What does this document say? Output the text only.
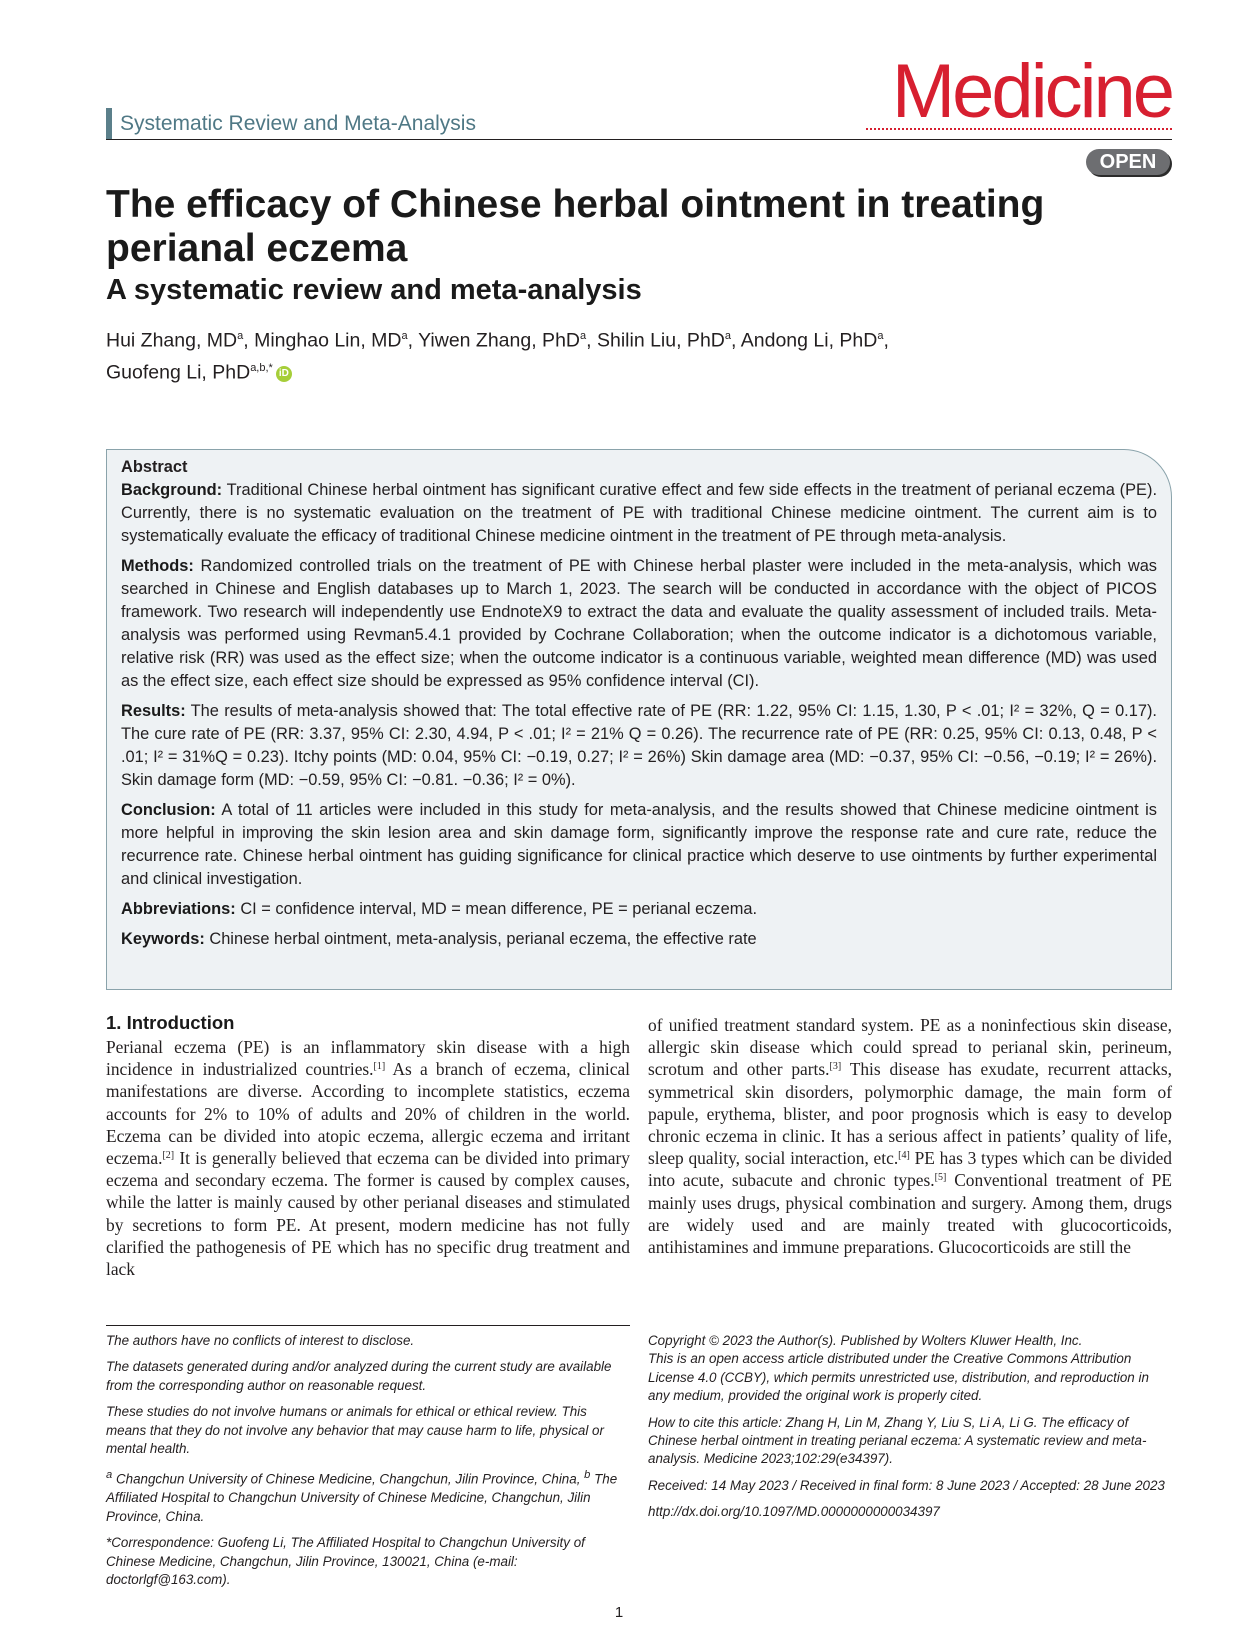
Systematic Review and Meta-Analysis	Medicine
OPEN
The efficacy of Chinese herbal ointment in treating perianal eczema
A systematic review and meta-analysis
Hui Zhang, $MD^a$, Minghao Lin, $MD^a$, Yiwen Zhang, PhD$^a$, Shilin Liu, PhD$^a$, Andong Li, PhD$^a$,
Guofeng Li, PhD$^{a,b,*}$ iD

Abstract

Background: Traditional Chinese herbal ointment has significant curative effect and few side effects in the treatment of perianal eczema (PE). Currently, there is no systematic evaluation on the treatment of PE with traditional Chinese medicine ointment. The current aim is to systematically evaluate the efficacy of traditional Chinese medicine ointment in the treatment of PE through meta-analysis.

Methods: Randomized controlled trials on the treatment of PE with Chinese herbal plaster were included in the meta-analysis, which was searched in Chinese and English databases up to March 1, 2023. The search will be conducted in accordance with the object of PICOS framework. Two research will independently use EndnoteX9 to extract the data and evaluate the quality assessment of included trails. Meta-analysis was performed using Revman5.4.1 provided by Cochrane Collaboration; when the outcome indicator is a dichotomous variable, relative risk (RR) was used as the effect size; when the outcome indicator is a continuous variable, weighted mean difference (MD) was used as the effect size, each effect size should be expressed as 95% confidence interval (CI).

Results: The results of meta-analysis showed that: The total effective rate of PE (RR: 1.22, 95% CI: 1.15, 1.30, P < .01; I² = 32%, Q = 0.17). The cure rate of PE (RR: 3.37, 95% CI: 2.30, 4.94, P < .01; I² = 21% Q = 0.26). The recurrence rate of PE (RR: 0.25, 95% CI: 0.13, 0.48, P < .01; I² = 31%Q = 0.23). Itchy points (MD: 0.04, 95% CI: −0.19, 0.27; I² = 26%) Skin damage area (MD: −0.37, 95% CI: −0.56, −0.19; I² = 26%). Skin damage form (MD: −0.59, 95% CI: −0.81. −0.36; I² = 0%).

Conclusion: A total of 11 articles were included in this study for meta-analysis, and the results showed that Chinese medicine ointment is more helpful in improving the skin lesion area and skin damage form, significantly improve the response rate and cure rate, reduce the recurrence rate. Chinese herbal ointment has guiding significance for clinical practice which deserve to use ointments by further experimental and clinical investigation.

Abbreviations: CI = confidence interval, MD = mean difference, PE = perianal eczema.

Keywords: Chinese herbal ointment, meta-analysis, perianal eczema, the effective rate

1. Introduction
Perianal eczema (PE) is an inflammatory skin disease with a high incidence in industrialized countries.[1] As a branch of eczema, clinical manifestations are diverse. According to incomplete statistics, eczema accounts for 2% to 10% of adults and 20% of children in the world. Eczema can be divided into atopic eczema, allergic eczema and irritant eczema.[2] It is generally believed that eczema can be divided into primary eczema and secondary eczema. The former is caused by complex causes, while the latter is mainly caused by other perianal diseases and stimulated by secretions to form PE. At present, modern medicine has not fully clarified the pathogenesis of PE which has no specific drug treatment and lack
of unified treatment standard system. PE as a noninfectious skin disease, allergic skin disease which could spread to perianal skin, perineum, scrotum and other parts.[3] This disease has exudate, recurrent attacks, symmetrical skin disorders, polymorphic damage, the main form of papule, erythema, blister, and poor prognosis which is easy to develop chronic eczema in clinic. It has a serious affect in patients’ quality of life, sleep quality, social interaction, etc.[4] PE has 3 types which can be divided into acute, subacute and chronic types.[5] Conventional treatment of PE mainly uses drugs, physical combination and surgery. Among them, drugs are widely used and are mainly treated with glucocorticoids, antihistamines and immune preparations. Glucocorticoids are still the

The authors have no conflicts of interest to disclose.

The datasets generated during and/or analyzed during the current study are available from the corresponding author on reasonable request.

These studies do not involve humans or animals for ethical or ethical review. This means that they do not involve any behavior that may cause harm to life, physical or mental health.

$^a$ Changchun University of Chinese Medicine, Changchun, Jilin Province, China, $^b$ The Affiliated Hospital to Changchun University of Chinese Medicine, Changchun, Jilin Province, China.

*Correspondence: Guofeng Li, The Affiliated Hospital to Changchun University of Chinese Medicine, Changchun, Jilin Province, 130021, China (e-mail: doctorlgf@163.com).

Copyright © 2023 the Author(s). Published by Wolters Kluwer Health, Inc.

This is an open access article distributed under the Creative Commons Attribution License 4.0 (CCBY), which permits unrestricted use, distribution, and reproduction in any medium, provided the original work is properly cited.

How to cite this article: Zhang H, Lin M, Zhang Y, Liu S, Li A, Li G. The efficacy of Chinese herbal ointment in treating perianal eczema: A systematic review and meta-analysis. Medicine 2023;102:29(e34397).

Received: 14 May 2023 / Received in final form: 8 June 2023 / Accepted: 28 June 2023

http://dx.doi.org/10.1097/MD.0000000000034397

1
